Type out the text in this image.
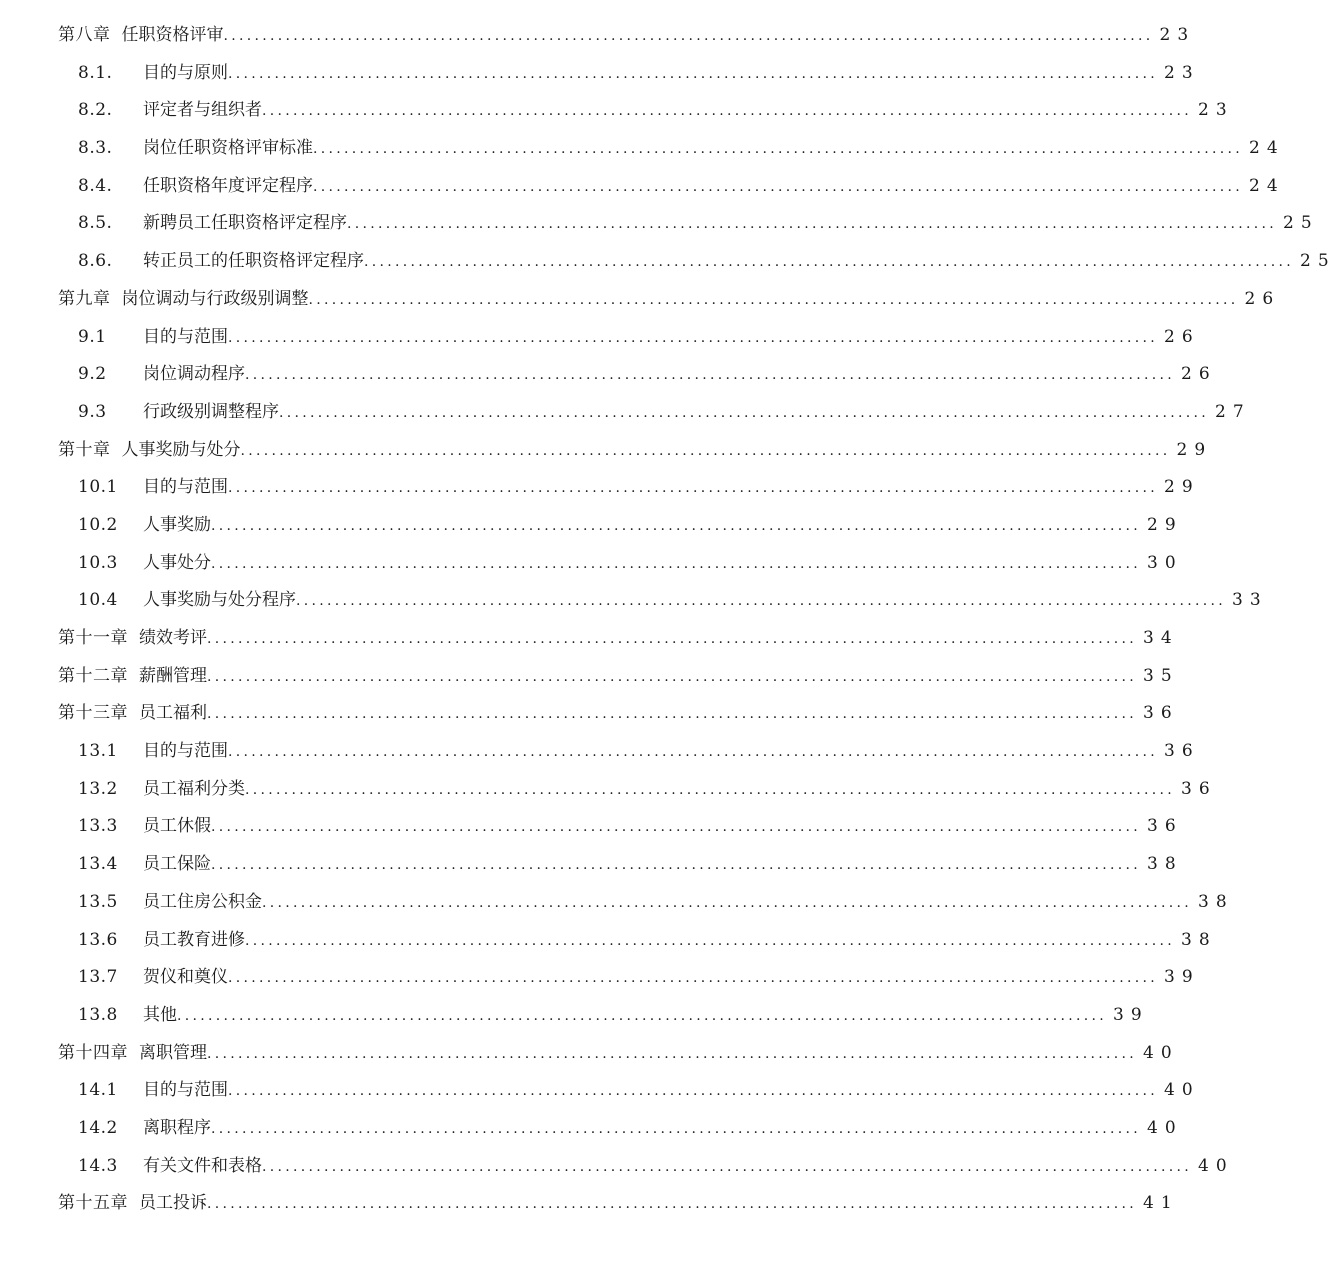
第八章 任职资格评审 ........................................................................................................................ 23
8.1.	目的与原则 ........................................................................................................................ 23
8.2.	评定者与组织者 ........................................................................................................................ 23
8.3.	岗位任职资格评审标准 ........................................................................................................................ 24
8.4.	任职资格年度评定程序 ........................................................................................................................ 24
8.5.	新聘员工任职资格评定程序 ........................................................................................................................ 25
8.6.	转正员工的任职资格评定程序 ........................................................................................................................ 25
第九章 岗位调动与行政级别调整 ........................................................................................................................ 26
9.1	目的与范围 ........................................................................................................................ 26
9.2	岗位调动程序 ........................................................................................................................ 26
9.3	行政级别调整程序 ........................................................................................................................ 27
第十章 人事奖励与处分 ........................................................................................................................ 29
10.1	目的与范围 ........................................................................................................................ 29
10.2	人事奖励 ........................................................................................................................ 29
10.3	人事处分 ........................................................................................................................ 30
10.4	人事奖励与处分程序 ........................................................................................................................ 33
第十一章 绩效考评 ........................................................................................................................ 34
第十二章 薪酬管理 ........................................................................................................................ 35
第十三章 员工福利 ........................................................................................................................ 36
13.1	目的与范围 ........................................................................................................................ 36
13.2	员工福利分类 ........................................................................................................................ 36
13.3	员工休假 ........................................................................................................................ 36
13.4	员工保险 ........................................................................................................................ 38
13.5	员工住房公积金 ........................................................................................................................ 38
13.6	员工教育进修 ........................................................................................................................ 38
13.7	贺仪和奠仪 ........................................................................................................................ 39
13.8	其他 ........................................................................................................................ 39
第十四章 离职管理 ........................................................................................................................ 40
14.1	目的与范围 ........................................................................................................................ 40
14.2	离职程序 ........................................................................................................................ 40
14.3	有关文件和表格 ........................................................................................................................ 40
第十五章 员工投诉 ........................................................................................................................ 41
